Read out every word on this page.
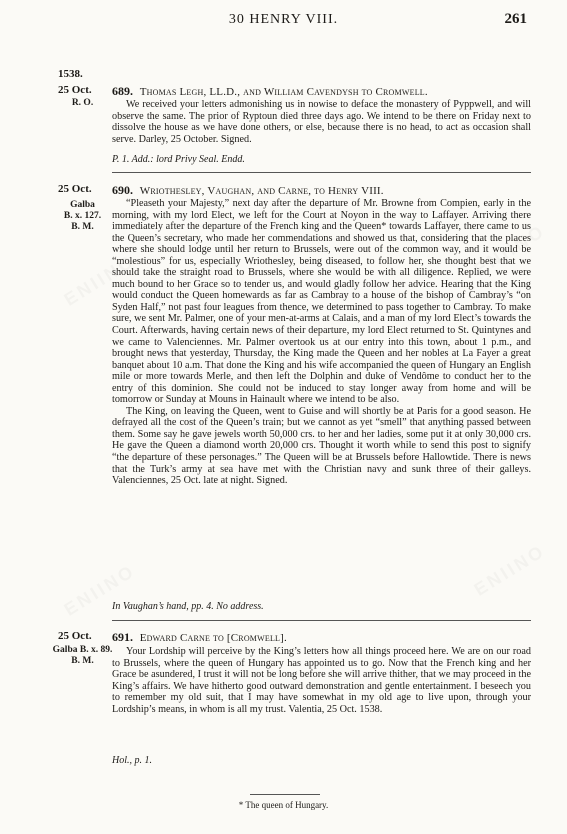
30 HENRY VIII.	261
1538.
25 Oct.
R. O.
689. Thomas Legh, LL.D., and William Cavendysh to Cromwell.

We received your letters admonishing us in nowise to deface the monastery of Pyppwell, and will observe the same. The prior of Ryptoun died three days ago. We intend to be there on Friday next to dissolve the house as we have done others, or else, because there is no head, to act as occasion shall serve. Darley, 25 October. Signed.

P. 1. Add.: lord Privy Seal. Endd.
25 Oct.
Galba
B. x. 127.
B. M.
690. Wriothesley, Vaughan, and Carne, to Henry VIII.

“Pleaseth your Majesty,” next day after the departure of Mr. Browne from Compien, early in the morning, with my lord Elect, we left for the Court at Noyon in the way to Laffayer. Arriving there immediately after the departure of the French king and the Queen* towards Laffayer, there came to us the Queen’s secretary, who made her commendations and showed us that, considering that the places where she should lodge until her return to Brussels, were out of the common way, and it would be “molestious” for us, especially Wriothesley, being diseased, to follow her, she thought best that we should take the straight road to Brussels, where she would be with all diligence. Replied, we were much bound to her Grace so to tender us, and would gladly follow her advice. Hearing that the King would conduct the Queen homewards as far as Cambray to a house of the bishop of Cambray’s “on Syden Half,” not past four leagues from thence, we determined to pass together to Cambray. To make sure, we sent Mr. Palmer, one of your men-at-arms at Calais, and a man of my lord Elect’s towards the Court. Afterwards, having certain news of their departure, my lord Elect returned to St. Quintynes and we came to Valenciennes. Mr. Palmer overtook us at our entry into this town, about 1 p.m., and brought news that yesterday, Thursday, the King made the Queen and her nobles at La Fayer a great banquet about 10 a.m. That done the King and his wife accompanied the queen of Hungary an English mile or more towards Merle, and then left the Dolphin and duke of Vendôme to conduct her to the entry of this dominion. She could not be induced to stay longer away from home and will be tomorrow or Sunday at Mouns in Hainault where we intend to be also.

The King, on leaving the Queen, went to Guise and will shortly be at Paris for a good season. He defrayed all the cost of the Queen’s train; but we cannot as yet “smell” that anything passed between them. Some say he gave jewels worth 50,000 crs. to her and her ladies, some put it at only 30,000 crs. He gave the Queen a diamond worth 20,000 crs. Thought it worth while to send this post to signify “the departure of these personages.” The Queen will be at Brussels before Hallowtide. There is news that the Turk’s army at sea have met with the Christian navy and sunk three of their galleys. Valenciennes, 25 Oct. late at night. Signed.

In Vaughan’s hand, pp. 4. No address.
25 Oct.
Galba B. x. 89.
B. M.
691. Edward Carne to [Cromwell].

Your Lordship will perceive by the King’s letters how all things proceed here. We are on our road to Brussels, where the queen of Hungary has appointed us to go. Now that the French king and her Grace be asundered, I trust it will not be long before she will arrive thither, that we may proceed in the King’s affairs. We have hitherto good outward demonstration and gentle entertainment. I beseech you to remember my old suit, that I may have somewhat in my old age to live upon, through your Lordship’s means, in whom is all my trust. Valentia, 25 Oct. 1538.

Hol., p. 1.
* The queen of Hungary.
ENIINO
ENIINO
ENIINO	ENIINO
